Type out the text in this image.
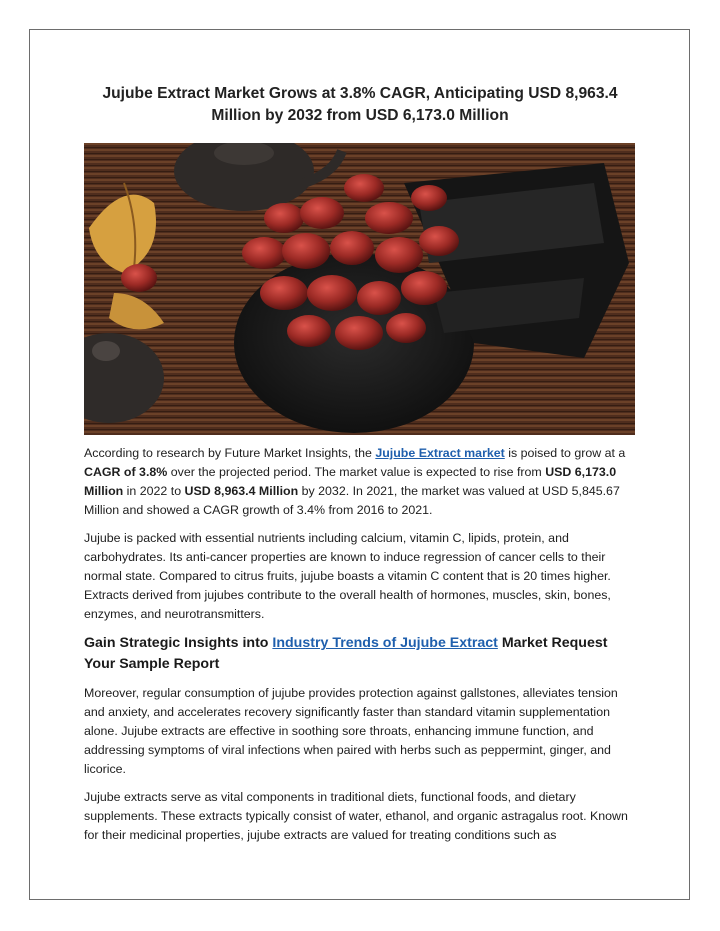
Jujube Extract Market Grows at 3.8% CAGR, Anticipating USD 8,963.4 Million by 2032 from USD 6,173.0 Million

According to research by Future Market Insights, the Jujube Extract market is poised to grow at a CAGR of 3.8% over the projected period. The market value is expected to rise from USD 6,173.0 Million in 2022 to USD 8,963.4 Million by 2032. In 2021, the market was valued at USD 5,845.67 Million and showed a CAGR growth of 3.4% from 2016 to 2021.

Jujube is packed with essential nutrients including calcium, vitamin C, lipids, protein, and carbohydrates. Its anti-cancer properties are known to induce regression of cancer cells to their normal state. Compared to citrus fruits, jujube boasts a vitamin C content that is 20 times higher. Extracts derived from jujubes contribute to the overall health of hormones, muscles, skin, bones, enzymes, and neurotransmitters.

Gain Strategic Insights into Industry Trends of Jujube Extract Market Request Your Sample Report

Moreover, regular consumption of jujube provides protection against gallstones, alleviates tension and anxiety, and accelerates recovery significantly faster than standard vitamin supplementation alone. Jujube extracts are effective in soothing sore throats, enhancing immune function, and addressing symptoms of viral infections when paired with herbs such as peppermint, ginger, and licorice.

Jujube extracts serve as vital components in traditional diets, functional foods, and dietary supplements. These extracts typically consist of water, ethanol, and organic astragalus root. Known for their medicinal properties, jujube extracts are valued for treating conditions such as
